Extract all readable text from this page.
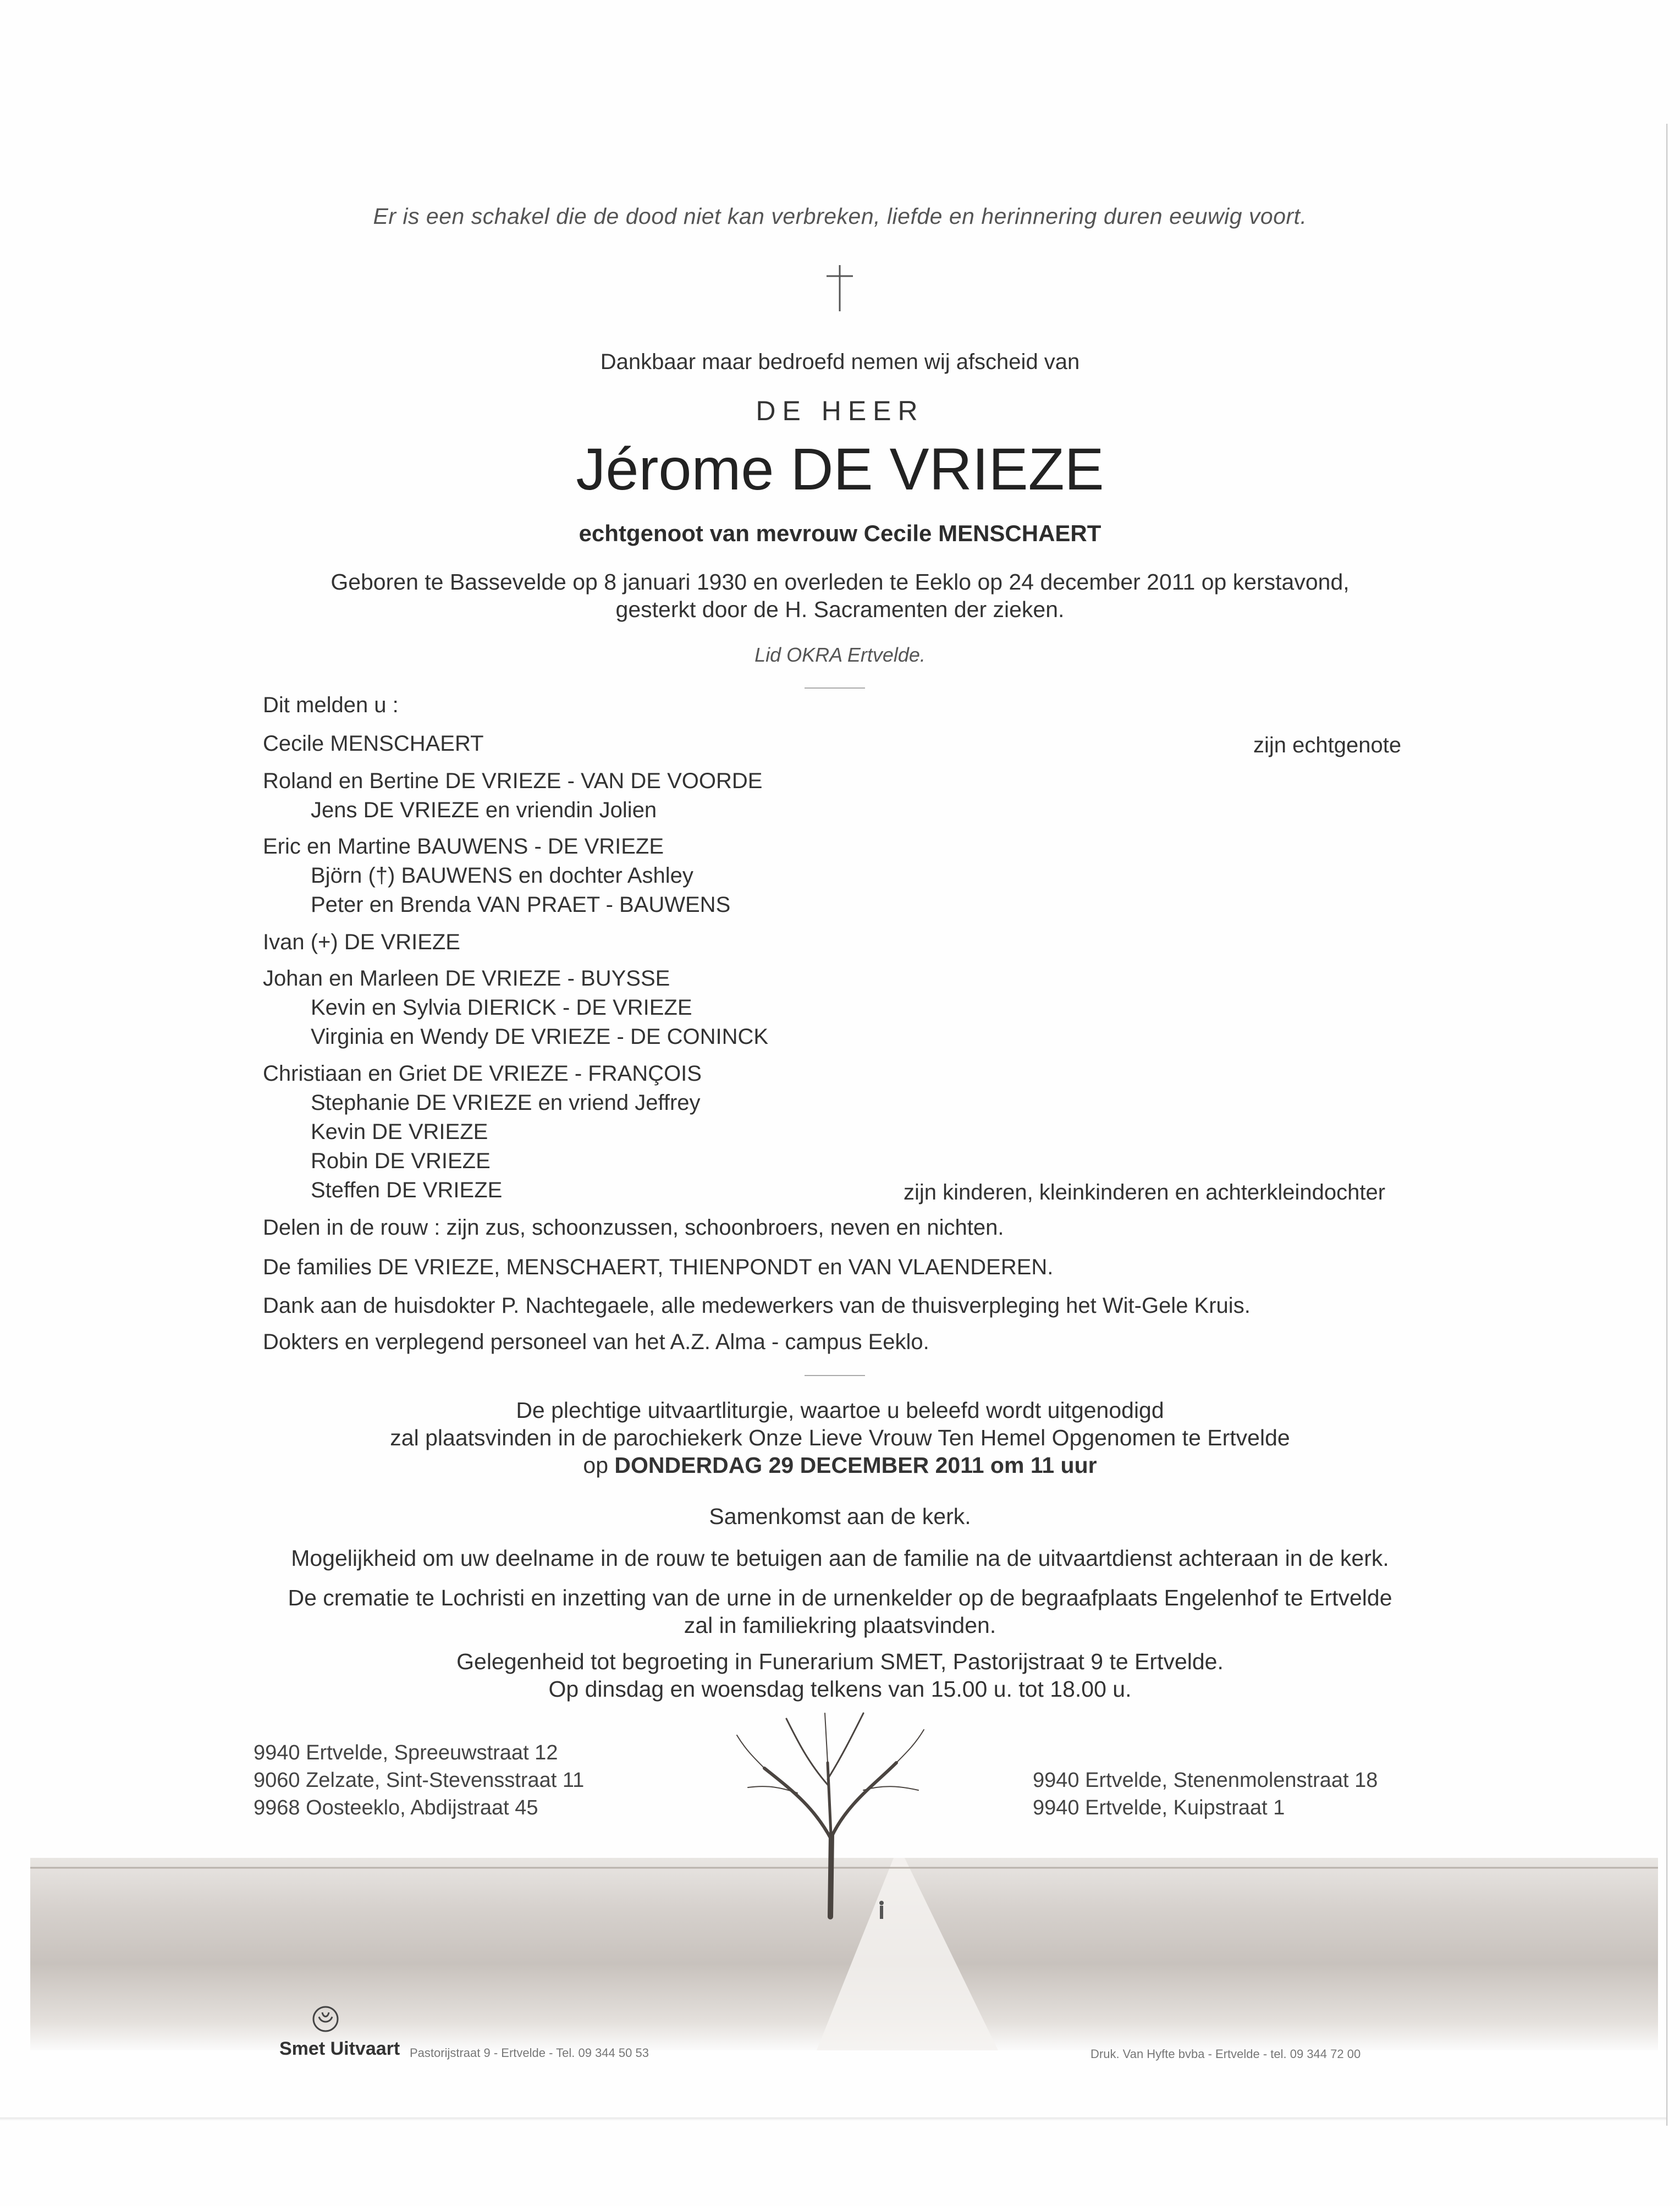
Er is een schakel die de dood niet kan verbreken, liefde en herinnering duren eeuwig voort.
Dankbaar maar bedroefd nemen wij afscheid van
DE HEER
Jérome DE VRIEZE
echtgenoot van mevrouw Cecile MENSCHAERT
Geboren te Bassevelde op 8 januari 1930 en overleden te Eeklo op 24 december 2011 op kerstavond,
gesterkt door de H. Sacramenten der zieken.
Lid OKRA Ertvelde.
Dit melden u :
Cecile MENSCHAERT	zijn echtgenote
Roland en Bertine DE VRIEZE - VAN DE VOORDE
Jens DE VRIEZE en vriendin Jolien
Eric en Martine BAUWENS - DE VRIEZE
Björn (†) BAUWENS en dochter Ashley
Peter en Brenda VAN PRAET - BAUWENS
Ivan (+) DE VRIEZE
Johan en Marleen DE VRIEZE - BUYSSE
Kevin en Sylvia DIERICK - DE VRIEZE
Virginia en Wendy DE VRIEZE - DE CONINCK
Christiaan en Griet DE VRIEZE - FRANÇOIS
Stephanie DE VRIEZE en vriend Jeffrey
Kevin DE VRIEZE
Robin DE VRIEZE
Steffen DE VRIEZE	zijn kinderen, kleinkinderen en achterkleindochter
Delen in de rouw : zijn zus, schoonzussen, schoonbroers, neven en nichten.
De families DE VRIEZE, MENSCHAERT, THIENPONDT en VAN VLAENDEREN.
Dank aan de huisdokter P. Nachtegaele, alle medewerkers van de thuisverpleging het Wit-Gele Kruis.
Dokters en verplegend personeel van het A.Z. Alma - campus Eeklo.
De plechtige uitvaartliturgie, waartoe u beleefd wordt uitgenodigd
zal plaatsvinden in de parochiekerk Onze Lieve Vrouw Ten Hemel Opgenomen te Ertvelde
op DONDERDAG 29 DECEMBER 2011 om 11 uur
Samenkomst aan de kerk.
Mogelijkheid om uw deelname in de rouw te betuigen aan de familie na de uitvaartdienst achteraan in de kerk.
De crematie te Lochristi en inzetting van de urne in de urnenkelder op de begraafplaats Engelenhof te Ertvelde
zal in familiekring plaatsvinden.
Gelegenheid tot begroeting in Funerarium SMET, Pastorijstraat 9 te Ertvelde.
Op dinsdag en woensdag telkens van 15.00 u. tot 18.00 u.
9940 Ertvelde, Spreeuwstraat 12
9060 Zelzate, Sint-Stevensstraat 11
9968 Oosteeklo, Abdijstraat 45
9940 Ertvelde, Stenenmolenstraat 18
9940 Ertvelde, Kuipstraat 1
Smet Uitvaart Pastorijstraat 9 - Ertvelde - Tel. 09 344 50 53	Druk. Van Hyfte bvba - Ertvelde - tel. 09 344 72 00
